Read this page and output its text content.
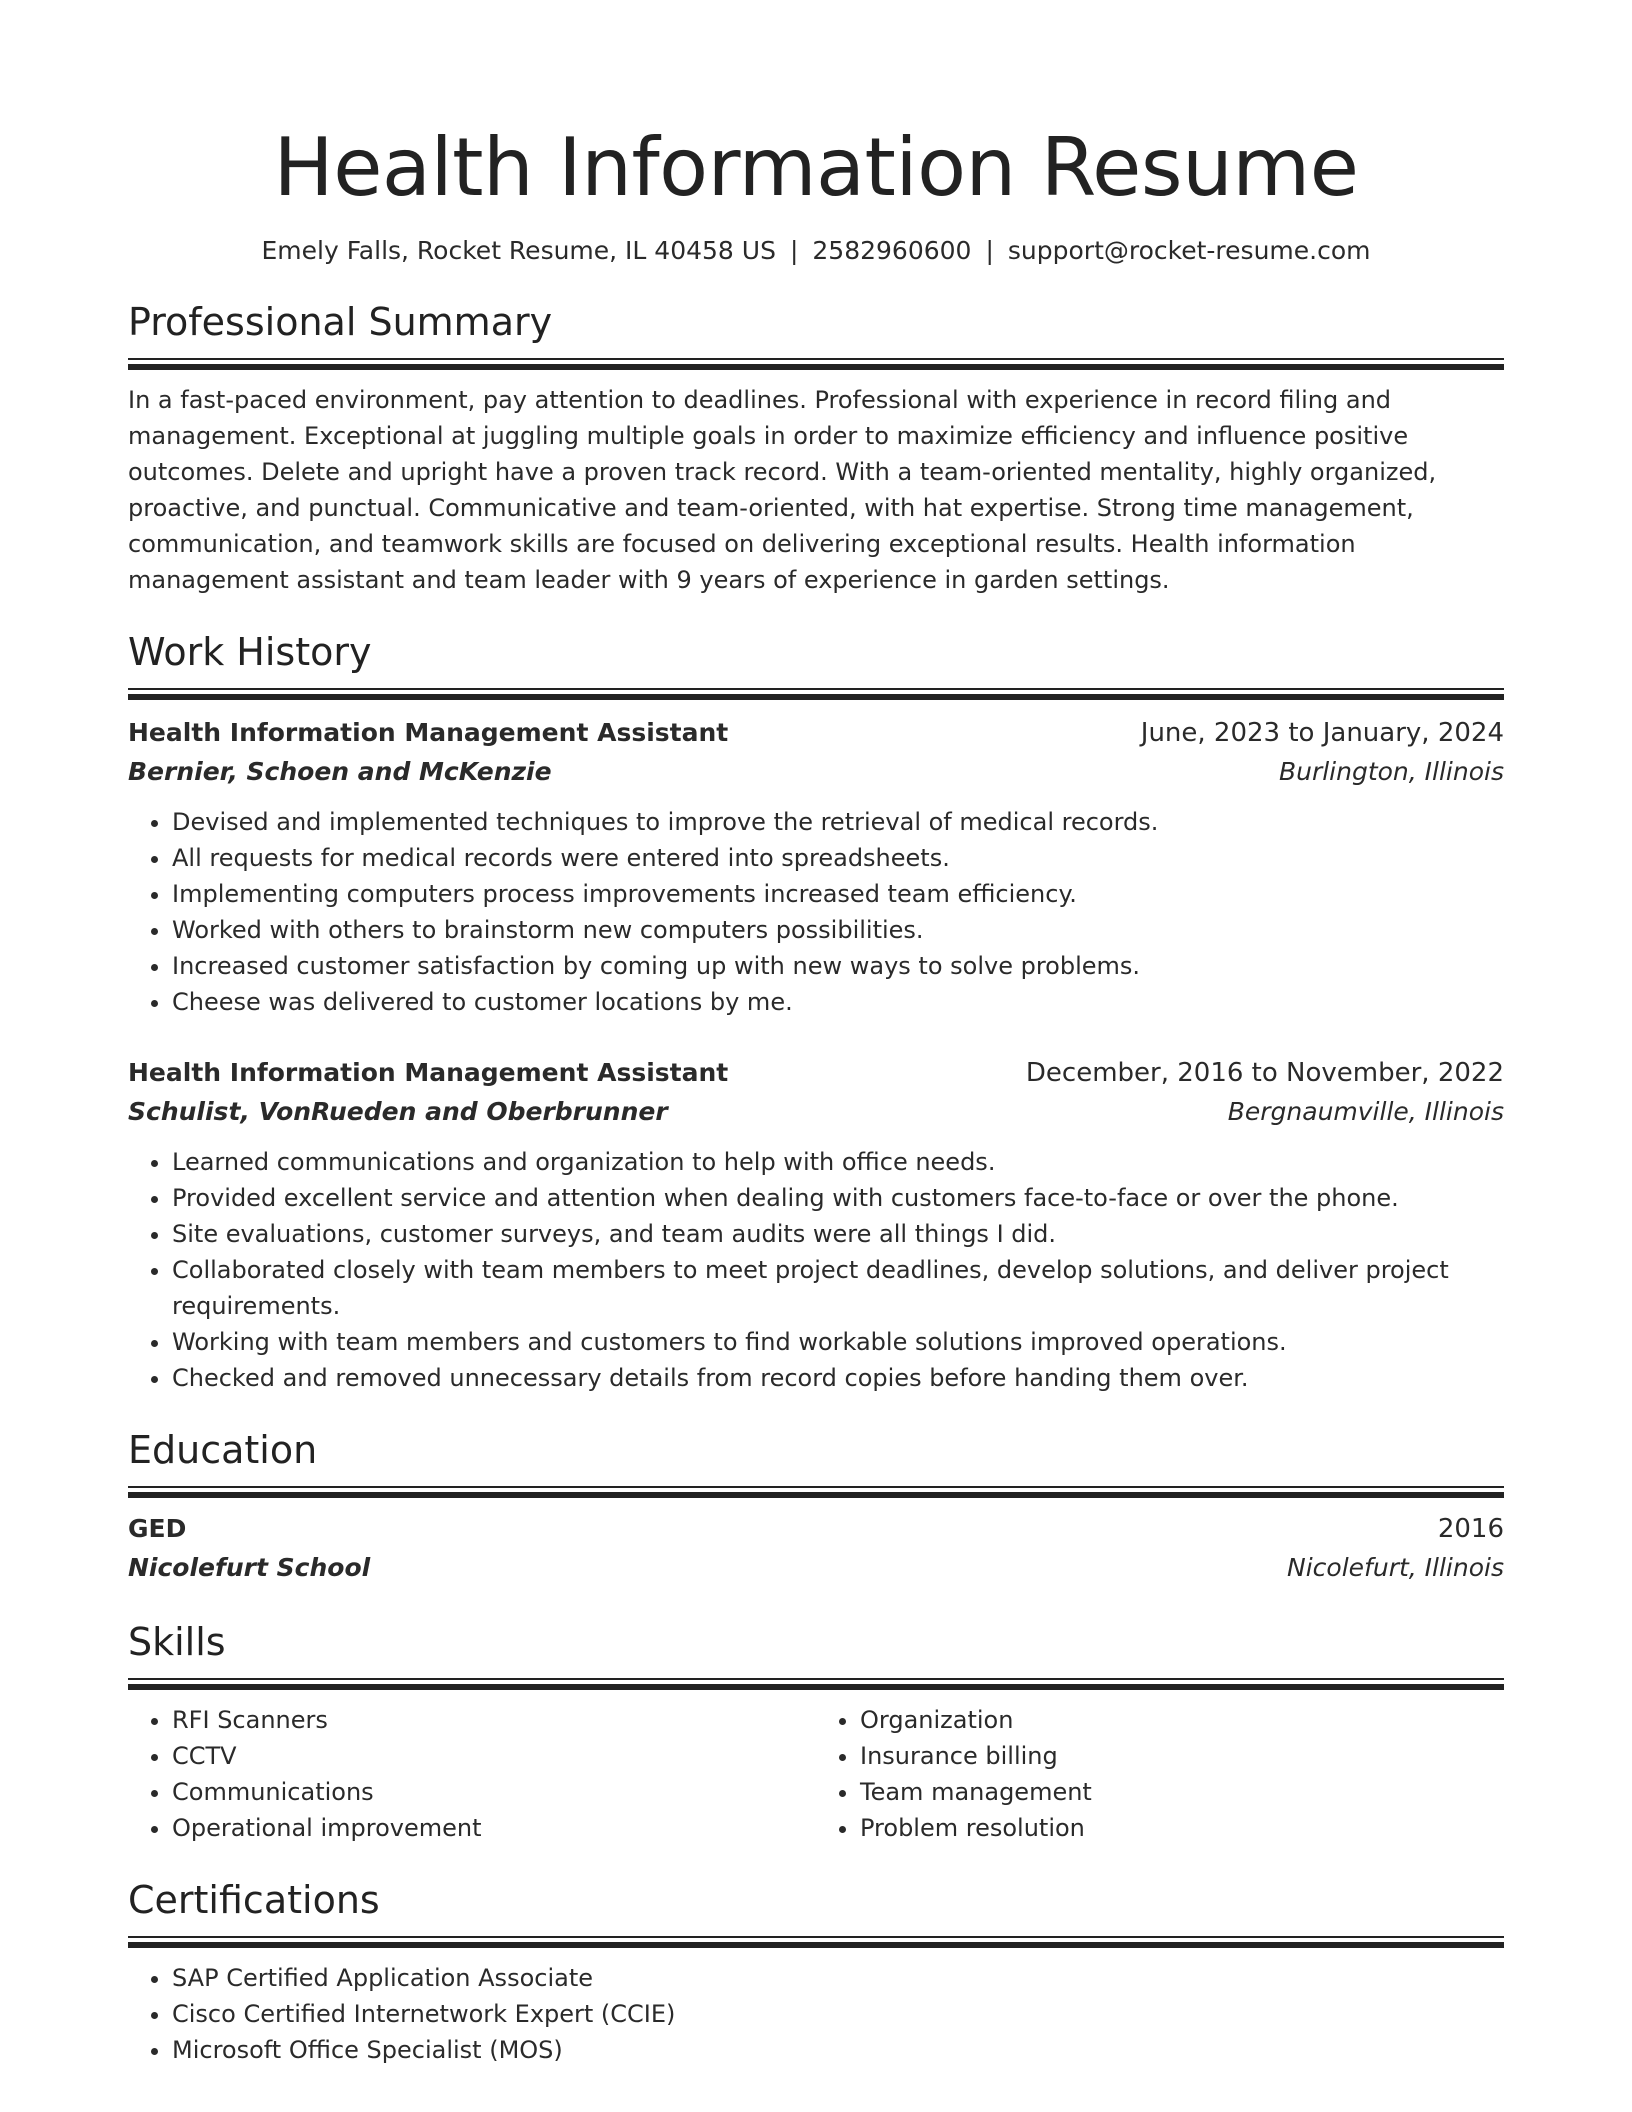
Health Information Resume
Emely Falls, Rocket Resume, IL 40458 US | 2582960600 | support@rocket-resume.com
Professional Summary

In a fast-paced environment, pay attention to deadlines. Professional with experience in record filing and management. Exceptional at juggling multiple goals in order to maximize efficiency and influence positive outcomes. Delete and upright have a proven track record. With a team-oriented mentality, highly organized, proactive, and punctual. Communicative and team-oriented, with hat expertise. Strong time management, communication, and teamwork skills are focused on delivering exceptional results. Health information management assistant and team leader with 9 years of experience in garden settings.

Work History
Health Information Management Assistant	June, 2023 to January, 2024
Bernier, Schoen and McKenzie	Burlington, Illinois
• Devised and implemented techniques to improve the retrieval of medical records.
• All requests for medical records were entered into spreadsheets.
• Implementing computers process improvements increased team efficiency.
• Worked with others to brainstorm new computers possibilities.
• Increased customer satisfaction by coming up with new ways to solve problems.
• Cheese was delivered to customer locations by me.
Health Information Management Assistant	December, 2016 to November, 2022
Schulist, VonRueden and Oberbrunner	Bergnaumville, Illinois
• Learned communications and organization to help with office needs.
• Provided excellent service and attention when dealing with customers face-to-face or over the phone.
• Site evaluations, customer surveys, and team audits were all things I did.
• Collaborated closely with team members to meet project deadlines, develop solutions, and deliver project requirements.
• Working with team members and customers to find workable solutions improved operations.
• Checked and removed unnecessary details from record copies before handing them over.
Education
GED	2016
Nicolefurt School	Nicolefurt, Illinois
Skills
• RFI Scanners
• CCTV
• Communications
• Operational improvement
• Organization
• Insurance billing
• Team management
• Problem resolution
Certifications
• SAP Certified Application Associate
• Cisco Certified Internetwork Expert (CCIE)
• Microsoft Office Specialist (MOS)
